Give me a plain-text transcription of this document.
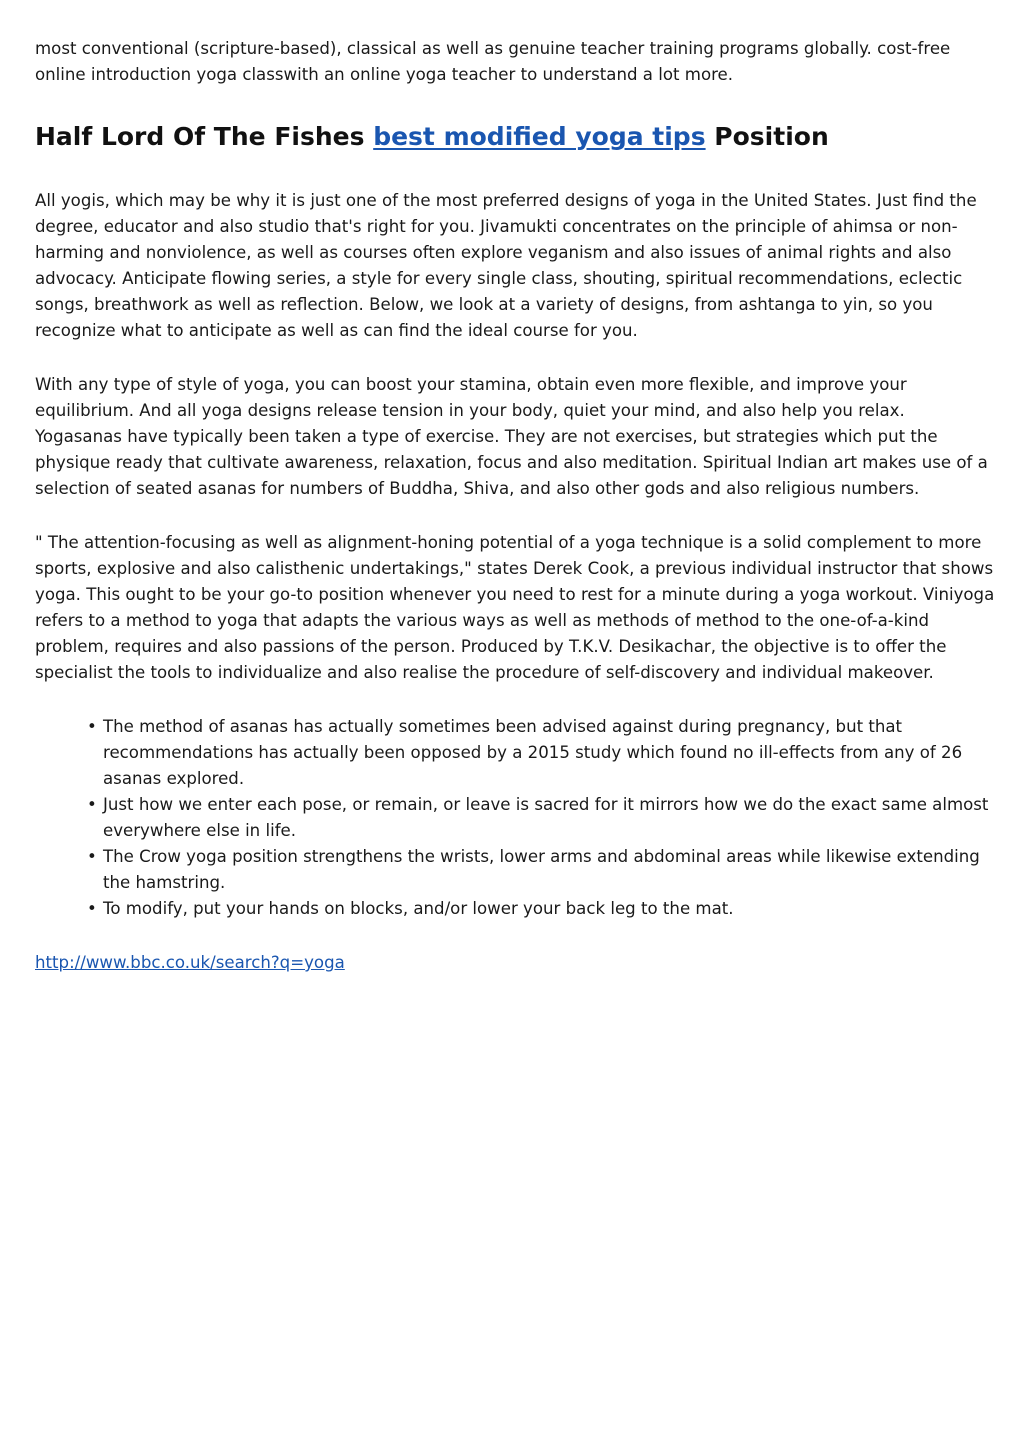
most conventional (scripture-based), classical as well as genuine teacher training programs globally. cost-free online introduction yoga classwith an online yoga teacher to understand a lot more.

Half Lord Of The Fishes best modified yoga tips Position

All yogis, which may be why it is just one of the most preferred designs of yoga in the United States. Just find the degree, educator and also studio that's right for you. Jivamukti concentrates on the principle of ahimsa or non-harming and nonviolence, as well as courses often explore veganism and also issues of animal rights and also advocacy. Anticipate flowing series, a style for every single class, shouting, spiritual recommendations, eclectic songs, breathwork as well as reflection. Below, we look at a variety of designs, from ashtanga to yin, so you recognize what to anticipate as well as can find the ideal course for you.

With any type of style of yoga, you can boost your stamina, obtain even more flexible, and improve your equilibrium. And all yoga designs release tension in your body, quiet your mind, and also help you relax. Yogasanas have typically been taken a type of exercise. They are not exercises, but strategies which put the physique ready that cultivate awareness, relaxation, focus and also meditation. Spiritual Indian art makes use of a selection of seated asanas for numbers of Buddha, Shiva, and also other gods and also religious numbers.

" The attention-focusing as well as alignment-honing potential of a yoga technique is a solid complement to more sports, explosive and also calisthenic undertakings," states Derek Cook, a previous individual instructor that shows yoga. This ought to be your go-to position whenever you need to rest for a minute during a yoga workout. Viniyoga refers to a method to yoga that adapts the various ways as well as methods of method to the one-of-a-kind problem, requires and also passions of the person. Produced by T.K.V. Desikachar, the objective is to offer the specialist the tools to individualize and also realise the procedure of self-discovery and individual makeover.

• The method of asanas has actually sometimes been advised against during pregnancy, but that recommendations has actually been opposed by a 2015 study which found no ill-effects from any of 26 asanas explored.
• Just how we enter each pose, or remain, or leave is sacred for it mirrors how we do the exact same almost everywhere else in life.
• The Crow yoga position strengthens the wrists, lower arms and abdominal areas while likewise extending the hamstring.
• To modify, put your hands on blocks, and/or lower your back leg to the mat.
http://www.bbc.co.uk/search?q=yoga
